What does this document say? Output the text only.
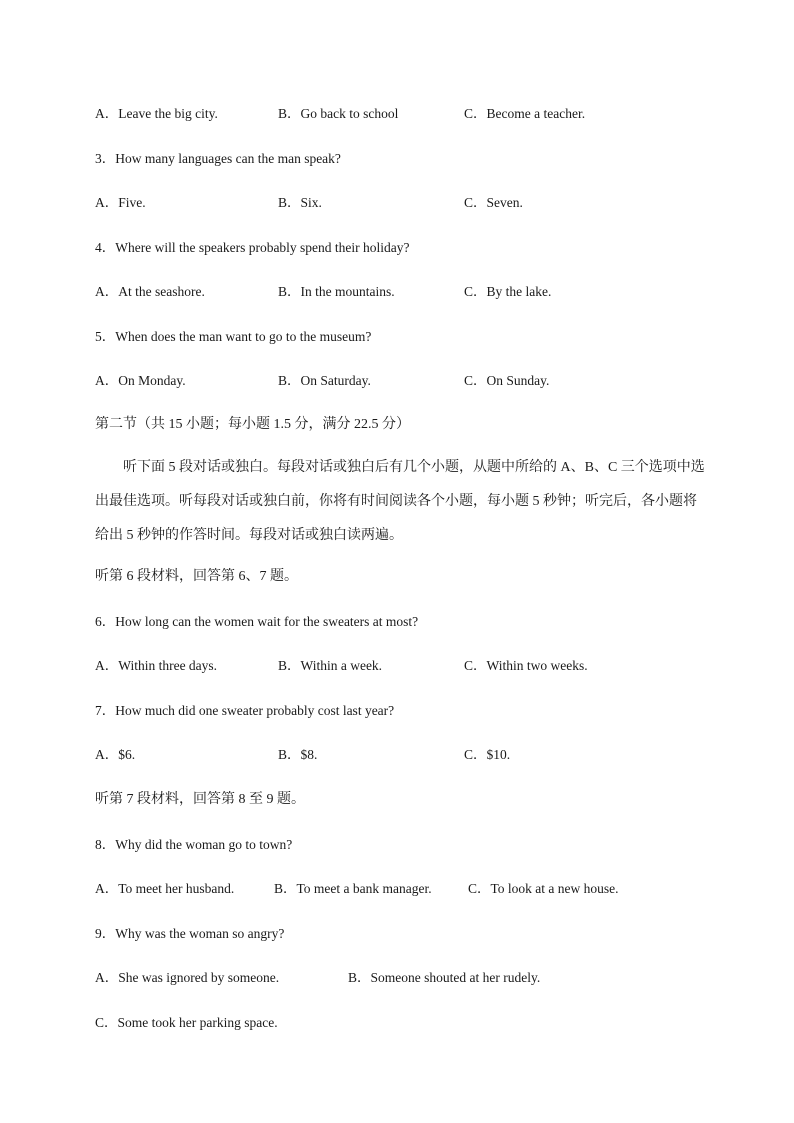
A．Leave the big city.	B．Go back to school	C．Become a teacher.
3．How many languages can the man speak?
A．Five.	B．Six.	C．Seven.
4．Where will the speakers probably spend their holiday?
A．At the seashore.	B．In the mountains.	C．By the lake.
5．When does the man want to go to the museum?
A．On Monday.	B．On Saturday.	C．On Sunday.
第二节（共 15 小题；每小题 1.5 分，满分 22.5 分）
听下面 5 段对话或独白。每段对话或独白后有几个小题，从题中所给的 A、B、C 三个选项中选出最佳选项。听每段对话或独白前，你将有时间阅读各个小题，每小题 5 秒钟；听完后，各小题将给出 5 秒钟的作答时间。每段对话或独白读两遍。
听第 6 段材料，回答第 6、7 题。
6．How long can the women wait for the sweaters at most?
A．Within three days.	B．Within a week.	C．Within two weeks.
7．How much did one sweater probably cost last year?
A．$6.	B．$8.	C．$10.
听第 7 段材料，回答第 8 至 9 题。
8．Why did the woman go to town?
A．To meet her husband.	B．To meet a bank manager.	C．To look at a new house.
9．Why was the woman so angry?
A．She was ignored by someone.	B．Someone shouted at her rudely.
C．Some took her parking space.
